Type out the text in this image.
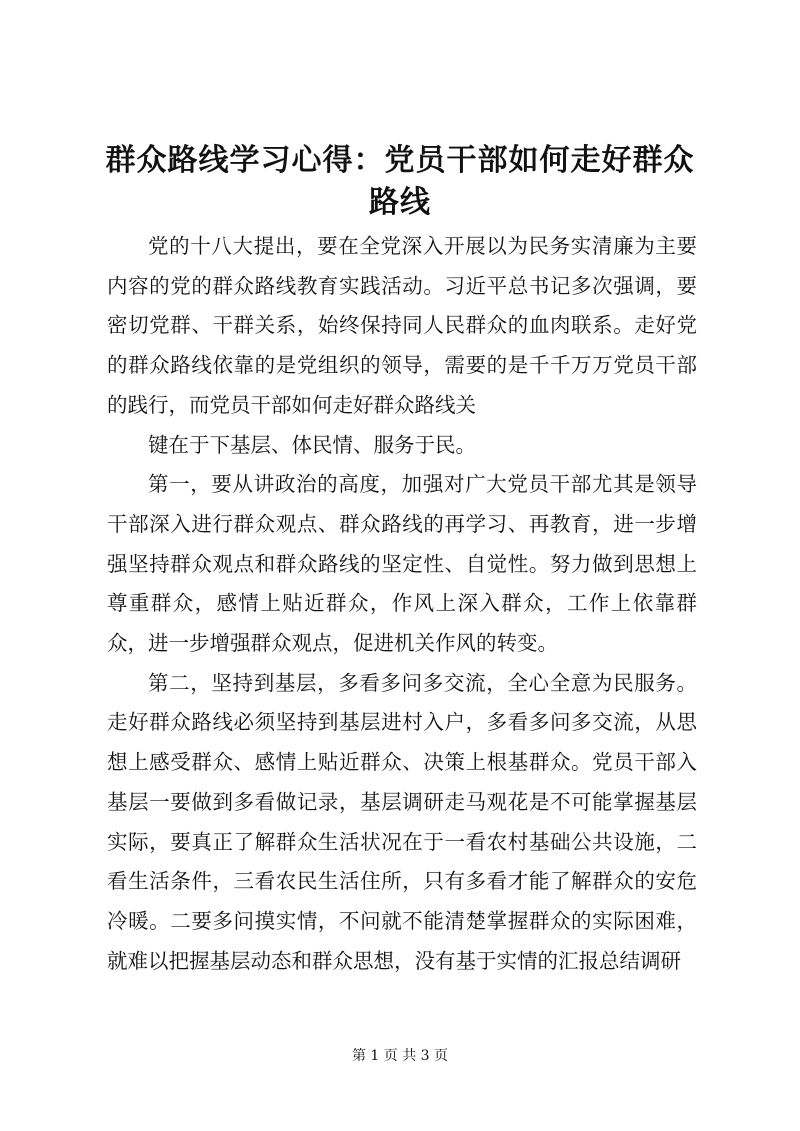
群众路线学习心得：党员干部如何走好群众路线

党的十八大提出，要在全党深入开展以为民务实清廉为主要内容的党的群众路线教育实践活动。习近平总书记多次强调，要密切党群、干群关系，始终保持同人民群众的血肉联系。走好党的群众路线依靠的是党组织的领导，需要的是千千万万党员干部的践行，而党员干部如何走好群众路线关

键在于下基层、体民情、服务于民。

第一，要从讲政治的高度，加强对广大党员干部尤其是领导干部深入进行群众观点、群众路线的再学习、再教育，进一步增强坚持群众观点和群众路线的坚定性、自觉性。努力做到思想上尊重群众，感情上贴近群众，作风上深入群众，工作上依靠群众，进一步增强群众观点，促进机关作风的转变。

第二，坚持到基层，多看多问多交流，全心全意为民服务。走好群众路线必须坚持到基层进村入户，多看多问多交流，从思想上感受群众、感情上贴近群众、决策上根基群众。党员干部入基层一要做到多看做记录，基层调研走马观花是不可能掌握基层实际，要真正了解群众生活状况在于一看农村基础公共设施，二看生活条件，三看农民生活住所，只有多看才能了解群众的安危冷暖。二要多问摸实情，不问就不能清楚掌握群众的实际困难，就难以把握基层动态和群众思想，没有基于实情的汇报总结调研

第 1 页 共 3 页
